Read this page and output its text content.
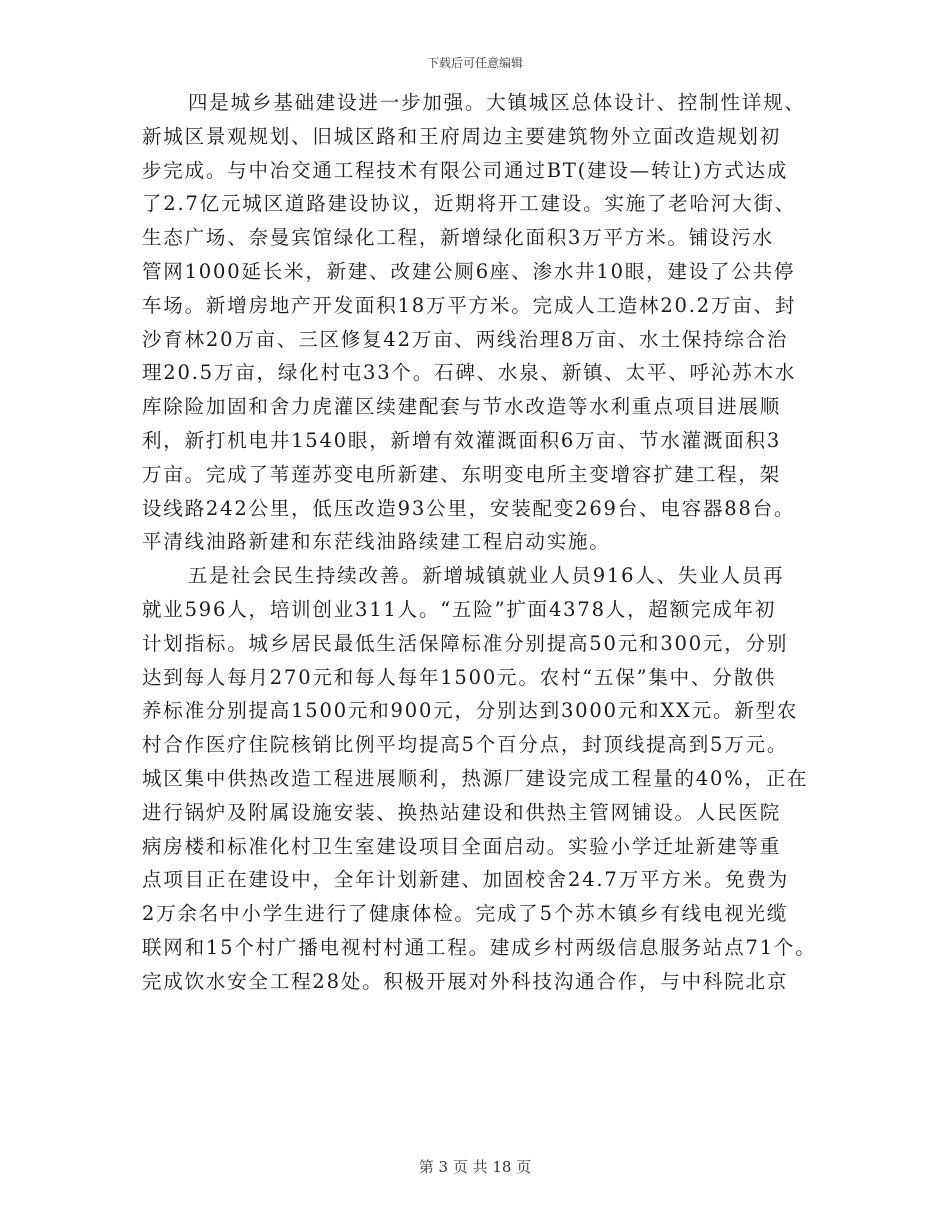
下载后可任意编辑
四是城乡基础建设进一步加强。大镇城区总体设计、控制性详规、
新城区景观规划、旧城区路和王府周边主要建筑物外立面改造规划初
步完成。与中冶交通工程技术有限公司通过BT(建设—转让)方式达成
了2.7亿元城区道路建设协议，近期将开工建设。实施了老哈河大街、
生态广场、奈曼宾馆绿化工程，新增绿化面积3万平方米。铺设污水
管网1000延长米，新建、改建公厕6座、渗水井10眼，建设了公共停
车场。新增房地产开发面积18万平方米。完成人工造林20.2万亩、封
沙育林20万亩、三区修复42万亩、两线治理8万亩、水土保持综合治
理20.5万亩，绿化村屯33个。石碑、水泉、新镇、太平、呼沁苏木水
库除险加固和舍力虎灌区续建配套与节水改造等水利重点项目进展顺
利，新打机电井1540眼，新增有效灌溉面积6万亩、节水灌溉面积3
万亩。完成了苇莲苏变电所新建、东明变电所主变增容扩建工程，架
设线路242公里，低压改造93公里，安装配变269台、电容器88台。
平清线油路新建和东茫线油路续建工程启动实施。
五是社会民生持续改善。新增城镇就业人员916人、失业人员再
就业596人，培训创业311人。“五险”扩面4378人，超额完成年初
计划指标。城乡居民最低生活保障标准分别提高50元和300元，分别
达到每人每月270元和每人每年1500元。农村“五保”集中、分散供
养标准分别提高1500元和900元，分别达到3000元和XX元。新型农
村合作医疗住院核销比例平均提高5个百分点，封顶线提高到5万元。
城区集中供热改造工程进展顺利，热源厂建设完成工程量的40%，正在
进行锅炉及附属设施安装、换热站建设和供热主管网铺设。人民医院
病房楼和标准化村卫生室建设项目全面启动。实验小学迁址新建等重
点项目正在建设中，全年计划新建、加固校舍24.7万平方米。免费为
2万余名中小学生进行了健康体检。完成了5个苏木镇乡有线电视光缆
联网和15个村广播电视村村通工程。建成乡村两级信息服务站点71个。
完成饮水安全工程28处。积极开展对外科技沟通合作，与中科院北京
第 3 页 共 18 页
